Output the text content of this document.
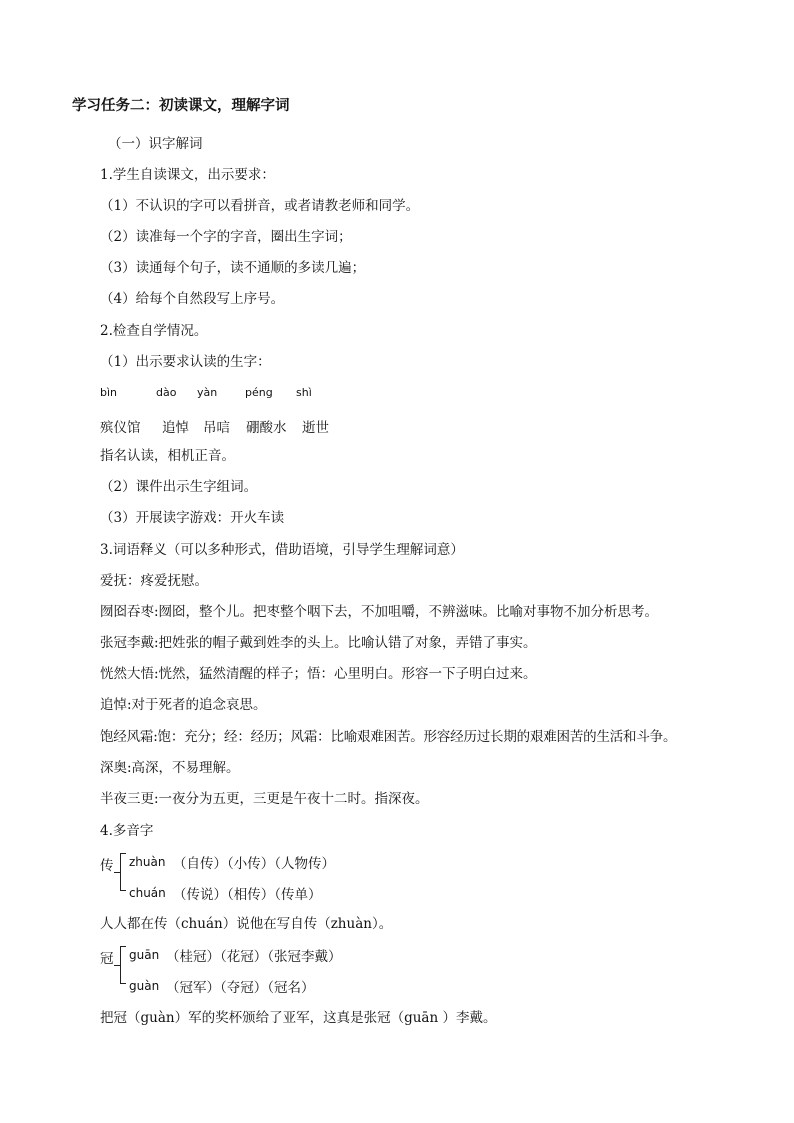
学习任务二：初读课文，理解字词
（一）识字解词
1.学生自读课文，出示要求：
（1）不认识的字可以看拼音，或者请教老师和同学。
（2）读准每一个字的字音，圈出生字词；
（3）读通每个句子，读不通顺的多读几遍；
（4）给每个自然段写上序号。
2.检查自学情况。
（1）出示要求认读的生字：
bìn	dào yàn	péng shì
殡仪馆 追悼 吊唁 硼酸水 逝世
指名认读，相机正音。
（2）课件出示生字组词。
（3）开展读字游戏：开火车读
3.词语释义（可以多种形式，借助语境，引导学生理解词意）
爱抚：疼爱抚慰。
囫囵吞枣:囫囵，整个儿。把枣整个咽下去，不加咀嚼，不辨滋味。比喻对事物不加分析思考。
张冠李戴:把姓张的帽子戴到姓李的头上。比喻认错了对象，弄错了事实。
恍然大悟:恍然，猛然清醒的样子；悟：心里明白。形容一下子明白过来。
追悼:对于死者的追念哀思。
饱经风霜:饱：充分；经：经历；风霜：比喻艰难困苦。形容经历过长期的艰难困苦的生活和斗争。
深奥:高深，不易理解。
半夜三更:一夜分为五更，三更是午夜十二时。指深夜。
4.多音字
传 zhuàn （自传）（小传）（人物传）
chuán （传说）（相传）（传单）
人人都在传（chuán）说他在写自传（zhuàn）。
冠 guān （桂冠）（花冠）（张冠李戴）
guàn （冠军）（夺冠）（冠名）
把冠（guàn）军的奖杯颁给了亚军，这真是张冠（guān ）李戴。
